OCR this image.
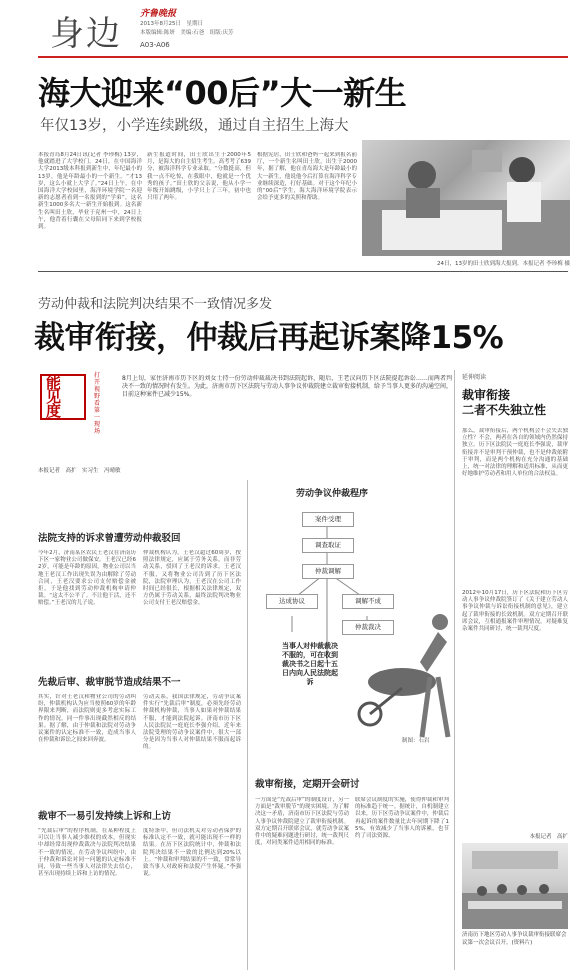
身边 齐鲁晚报
2013年8月25日　星期日
本版编辑:陈妍　美编:石爸　组版:庆芳
A03-A06
海大迎来“00后”大一新生
年仅13岁，小学连续跳级，通过自主招生上海大
本报青岛8月24日讯(记者 李珍梅) 13岁，他就踏进了大学校门。24日，在中国海洋大学2013级本科报到新生中，年纪最小的13岁，他是年龄最小的一个新生。“才13岁，这么小就上大学了。”24日上午，在中国海洋大学校园里，海洋环境学院一名迎新的志愿者看到一名报到的“学弟”，这名新生1000多名大一新生开始报到。这名新生名叫田士欣，毕业于兖州一中，24日上午，他背着行囊在父母陪同下来到学校报到。
新生报道时间，田士欣出生于2000年5月，是海大的自主招生考生。高考考了639分，被海洋科学专业录取。“分数挺高，但我一点不吃惊，在我眼中，他就是一个优秀的孩子。”田士欣的父亲说，他从小学一年级开始跳级，小学只上了三年，初中也只用了两年。
根据宪居，田士欣和爸妈一起来到报名前厅，一个新生名叫田士欣，出生于2000年，据了解，他在青岛海大是年龄最小的大一新生，他说他今后打算在海洋科学专业继续深造，打好基础。对于这个年纪小的“00后”学生，海大海洋环境学院表示会给予更多的关照和帮助。
24日，13岁的田士欣到海大报到。本报记者 李珍梅 摄
劳动仲裁和法院判决结果不一致情况多发
裁审衔接，仲裁后再起诉案降15%
能见度
打开视野看第一现场
8月上旬，家住济南市历下区的刘女士持一份劳动仲裁裁决书到法院起诉，随后，王老汉向历下区法院提起诉讼……而两者判决不一致的情况时有发生。为此，济南市历下区法院与劳动人事争议仲裁院建立裁审衔接机制，给予当事人更多的沟通空间，目前这种案件已减少15%。
本报记者　高扩　实习生　冯晴敏
法院支持的诉求曾遭劳动仲裁驳回
今年2月，济南某区农民王老汉在济南历下区一家物业公司做保安。王老汉已经62岁，可能是年龄的原因，物业公司以当地王老汉工作出现失误为由解除了劳动合同，王老汉要求公司支付赔偿金被拒，于是他找到劳动仲裁机构申请仲裁。“这太不公平了。不让他干活，还不赔偿。”王老汉的儿子说。
仲裁机构认为，王老汉超过60周岁，按照法律规定，应属于劳务关系，而非劳动关系，驳回了王老汉的诉求。王老汉不服，又将物业公司告到了历下区法院，法院审理认为，王老汉在公司工作时间已经很长，根据相关法律规定，双方仍属于劳动关系，最终法院判决物业公司支付王老汉赔偿金。
先裁后审、裁审脱节造成结果不一
其实，针对王老汉和物业公司的劳动纠纷，仲裁机构认为应当按照60岁的年龄界限来判断，而法院则更多考虑实际工作的情况，同一件事出现截然相反的结果。据了解，由于仲裁和法院对劳动争议案件的认定标准不一致，造成当事人在仲裁和诉讼之间来回奔波。
劳动关系，我国法律规定，劳动争议案件实行“先裁后审”制度，必须先经劳动仲裁机构仲裁，当事人如果对仲裁结果不服，才能到法院起诉。济南市历下区人民法院民一庭庭长李强介绍，近年来法院受理的劳动争议案件中，很大一部分是因为当事人对仲裁结果不服而起诉的。
裁审不一易引发持续上诉和上访
“先裁后审”的程序机制，在某种程度上可以让当事人减少维权的成本，但现实中却经常出现仲裁裁决与法院判决结果不一致的情况。在劳动争议纠纷中，由于仲裁和诉讼对同一问题的认定标准不同，导致一些当事人对法律失去信心，甚至出现持续上诉和上访的情况。
度特条中，但司法机关对劳动者保护的标准认定不一致，就可能出现不一样的结果。在历下区法院统计中，仲裁和法院判决结果不一致的比例达到20%以上。“仲裁和审判结果的不一致，常常导致当事人对政府和法院产生怀疑。”李强说。
劳动争议仲裁程序
案件受理
调查取证
仲裁调解
达成协议	调解不成
仲裁裁决
当事人对仲裁裁决不服的，可在收到裁决书之日起十五日内向人民法院起诉
制图：石岩
裁审衔接，定期开会研讨
一方面是“先裁后审”的制度设计，另一方面是“裁审脱节”的现实困境。为了解决这一矛盾，济南市历下区法院与劳动人事争议仲裁院建立了裁审衔接机制。双方定期召开联席会议，就劳动争议案件中的疑难问题进行研讨，统一裁判尺度，对同类案件适用相同的标准。
联席会议制度的实施，使得仲裁和审判的标准趋于统一。据统计，自机制建立以来，历下区劳动争议案件中，仲裁后再起诉的案件数量比去年同期下降了15%，有效减少了当事人的诉累，也节约了司法资源。
延伸阅读
裁审衔接
二者不失独立性
那么，裁审衔接后，两个机构会不会失去独立性？不会，两者在各自的领域内仍然保持独立。历下区法院民一庭庭长李强说，裁审衔接并不是审判干预仲裁，也不是仲裁依附于审判，而是两个机构在充分沟通的基础上，统一对法律的理解和适用标准，从而更好地维护劳动者和用人单位的合法权益。
2012年10月17日，历下区法院和历下区劳动人事争议仲裁院签订了《关于建立劳动人事争议仲裁与诉讼衔接机制的意见》，建立起了裁审衔接的长效机制。双方定期召开联席会议，互相通报案件审理情况，对疑难复杂案件共同研讨，统一裁判尺度。
本报记者　高扩
济南历下地区劳动人事争议裁审衔接联席会议第一次会议召开。(资料片)
